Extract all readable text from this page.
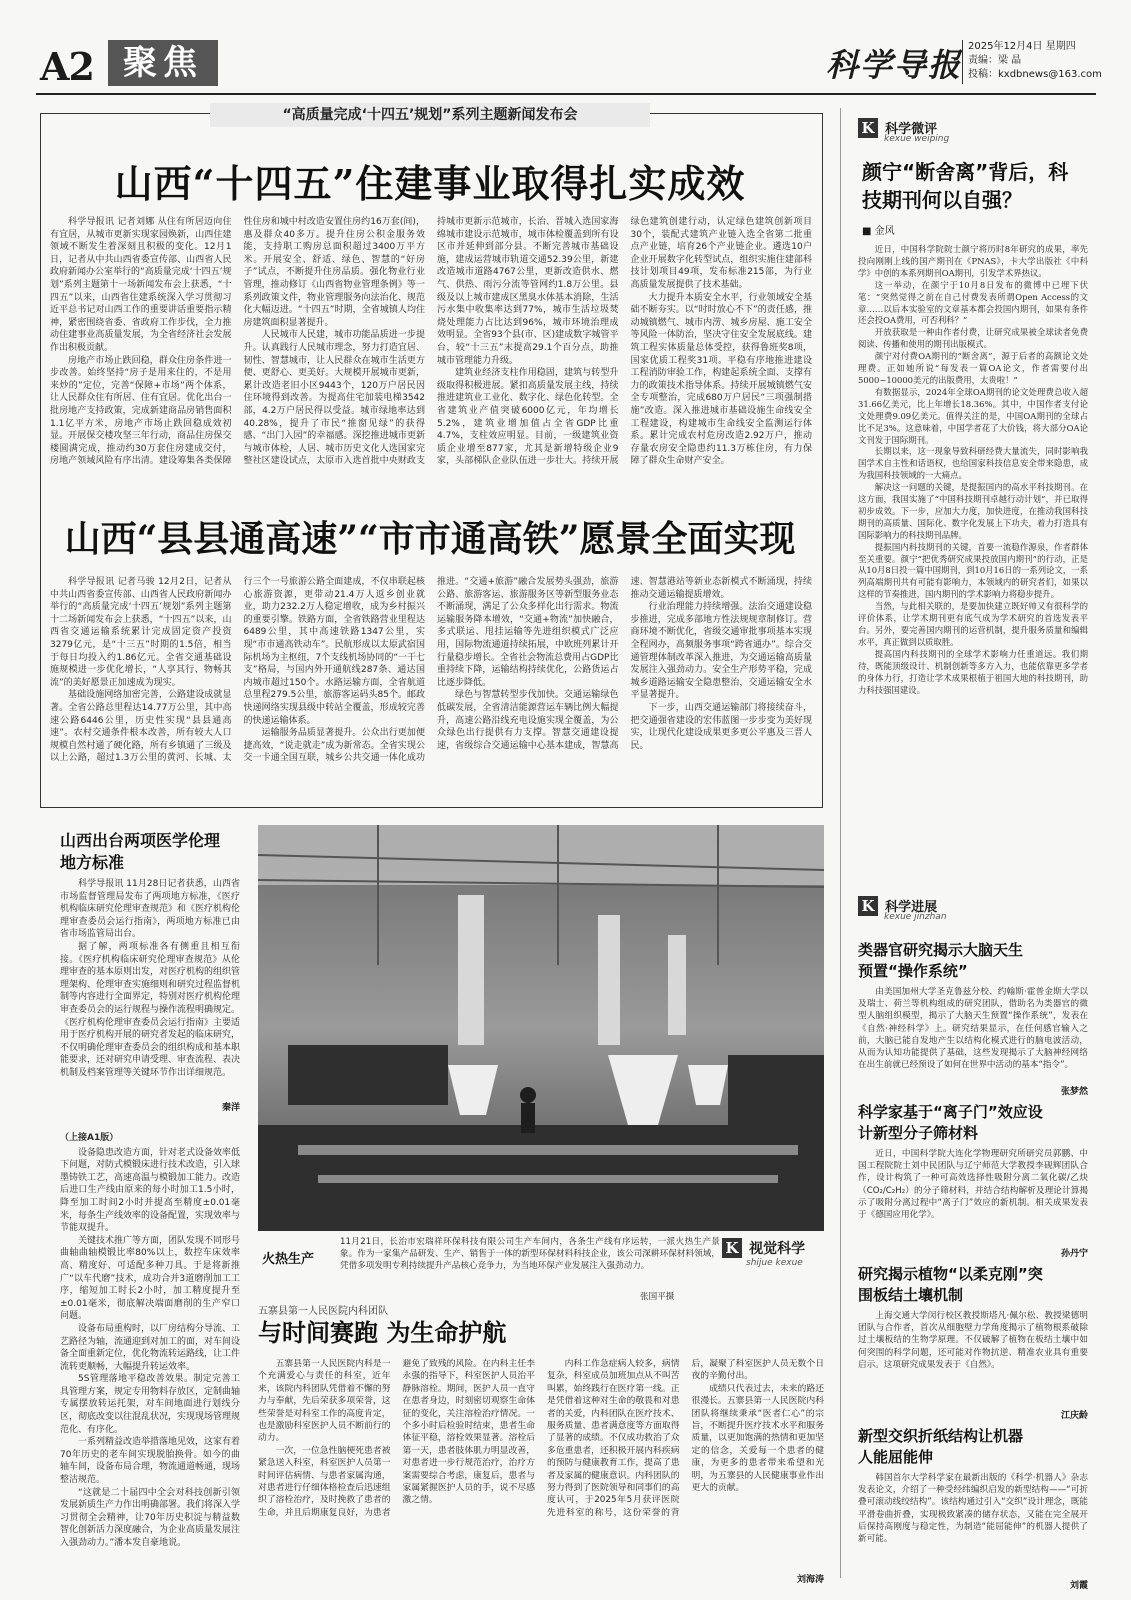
A2 聚焦	科学导报 2025年12月4日 星期四
责编：梁 晶
投稿：kxdbnews@163.com
“高质量完成‘十四五’规划”系列主题新闻发布会
山西“十四五”住建事业取得扎实成效

科学导报讯 记者刘娜 从住有所居迈向住有宜居，从城市更新实现家园焕新，山西住建领域不断发生着深刻且积极的变化。12月1日，记者从中共山西省委宣传部、山西省人民政府新闻办公室举行的“高质量完成‘十四五’规划”系列主题第十一场新闻发布会上获悉，“十四五”以来，山西省住建系统深入学习贯彻习近平总书记对山西工作的重要讲话重要指示精神，紧密围绕省委、省政府工作步伐，全力推动住建事业高质量发展，为全省经济社会发展作出积极贡献。

房地产市场止跌回稳，群众住房条件进一步改善。始终坚持“房子是用来住的，不是用来炒的”定位，完善“保障+市场”两个体系，让人民群众住有所居、住有宜居。优化出台一批房地产支持政策，完成新建商品房销售面积1.1亿平方米，房地产市场止跌回稳成效初显。开展保交楼攻坚三年行动，商品住房保交楼圆满完成，推动约30万套住房建成交付，房地产领域风险有序出清。建设筹集各类保障性住房和城中村改造安置住房约16万套(间)，惠及群众40多万。提升住房公积金服务效能，支持职工购房总面积超过3400万平方米。开展安全、舒适、绿色、智慧的“好房子”试点，不断提升住房品质。强化物业行业管理，推动修订《山西省物业管理条例》等一系列政策文件，物业管理服务向法治化、规范化大幅迈进。“十四五”时期，全省城镇人均住房建筑面积显著提升。

人民城市人民建，城市功能品质进一步提升。认真践行人民城市理念，努力打造宜居、韧性、智慧城市，让人民群众在城市生活更方便、更舒心、更美好。大规模开展城市更新，累计改造老旧小区9443个，120万户居民因住环境得到改善。为提高住宅加装电梯3542部，4.2万户居民得以受益。城市绿地率达到40.28%，提升了市民“推窗见绿”的获得感、“出门入园”的幸福感。深挖推进城市更新与城市体检，人居、城市历史文化人选国家完整社区建设试点，太原市入选首批中央财政支持城市更新示范城市，长治、晋城入选国家海绵城市建设示范城市，城市体检覆盖到所有设区市并延伸到部分县。不断完善城市基础设施，建成运营城市轨道交通52.39公里，新建改造城市道路4767公里，更新改造供水、燃气、供热、雨污分流等管网约1.8万公里。县级及以上城市建成区黑臭水体基本消除，生活污水集中收集率达到77%，城市生活垃圾焚烧处理能力占比达到96%，城市环境治理成效明显。全省93个县(市、区)建成数字城管平台，较“十三五”末提高29.1个百分点，助推城市管理能力升级。

建筑业经济支柱作用稳固，建筑与转型升级取得积极进展。紧扣高质量发展主线，持续推进建筑业工业化、数字化、绿色化转型。全省建筑业产值突破6000亿元，年均增长5.2%，建筑业增加值占全省GDP比重4.7%，支柱效应明显。目前，一级建筑业资质企业增至877家，尤其是新增特级企业9家，头部梯队企业队伍进一步壮大。持续开展绿色建筑创建行动，认定绿色建筑创新项目30个，装配式建筑产业链入选全省第二批重点产业链，培育26个产业链企业。遴选10户企业开展数字化转型试点，组织实施住建部科技计划项目49项，发布标准215部，为行业高质量发展提供了技术基础。

大力提升本质安全水平，行业领域安全基础不断夯实。以“时时放心不下”的责任感，推动城镇燃气、城市内涝、城乡房屋、施工安全等风险一体防治，坚决守住安全发展底线。建筑工程实体质量总体受控，获得鲁班奖8项，国家优质工程奖31项。平稳有序地推进建设工程消防审验工作，构建起系统全面、支撑有力的政策技术指导体系。持续开展城镇燃气安全专项整治，完成680万户居民“三项强制措施”改造。深入推进城市基础设施生命线安全工程建设，构建城市生命线安全监测运行体系。累计完成农村危房改造2.92万户，推动存量农房安全隐患约11.3万栋住房，有力保障了群众生命财产安全。

山西“县县通高速”“市市通高铁”愿景全面实现

科学导报讯 记者马骏 12月2日，记者从中共山西省委宣传部、山西省人民政府新闻办举行的“高质量完成‘十四五’规划”系列主题第十二场新闻发布会上获悉，“十四五”以来，山西省交通运输系统累计完成固定资产投资3279亿元，是“十三五”时期的1.5倍，相当于每日均投入约1.86亿元。全省交通基础设施规模进一步优化增长，“人享其行、物畅其流”的美好愿景正加速成为现实。

基础设施网络加密完善，公路建设成就显著。全省公路总里程达14.77万公里，其中高速公路6446公里，历史性实现“县县通高速”。农村交通条件根本改善，所有较大人口规模自然村通了硬化路，所有乡镇通了三级及以上公路，超过1.3万公里的黄河、长城、太行三个一号旅游公路全面建成，不仅串联起核心旅游资源，更带动21.4万人返乡创业就业，助力232.2万人稳定增收，成为乡村振兴的重要引擎。铁路方面，全省铁路营业里程达6489公里，其中高速铁路1347公里，实现“市市通高铁动车”。民航形成以太原武宿国际机场为主枢纽，7个支线机场协同的“一干七支”格局，与国内外开通航线287条、通达国内城市超过150个。水路运输方面，全省航道总里程279.5公里，旅游客运码头85个。邮政快递网络实现县级中转站全覆盖，形成较完善的快递运输体系。

运输服务品质显著提升。公众出行更加便捷高效，“说走就走”成为新常态。全省实现公交一卡通全国互联，城乡公共交通一体化成功推进。“交通+旅游”融合发展势头强劲，旅游公路、旅游客运、旅游服务区等新型服务业态不断涌现，满足了公众多样化出行需求。物流运输服务降本增效，“交通+物流”加快融合，多式联运、甩挂运输等先进组织模式广泛应用，国际物流通道持续拓展，中欧班列累计开行量稳步增长。全省社会物流总费用占GDP比重持续下降，运输结构持续优化，公路货运占比逐步降低。

绿色与智慧转型步伐加快。交通运输绿色低碳发展，全省清洁能源营运车辆比例大幅提升，高速公路沿线充电设施实现全覆盖，为公众绿色出行提供有力支撑。智慧交通建设提速，省级综合交通运输中心基本建成，智慧高速、智慧港站等新业态新模式不断涌现，持续推动交通运输提质增效。

行业治理能力持续增强。法治交通建设稳步推进，完成多部地方性法规规章制修订。营商环境不断优化，省级交通审批事项基本实现全程网办，高频服务事项“跨省通办”。综合交通管理体制改革深入推进，为交通运输高质量发展注入强劲动力。安全生产形势平稳，完成城乡道路运输安全隐患整治，交通运输安全水平显著提升。

下一步，山西交通运输部门将接续奋斗，把交通强省建设的宏伟蓝图一步步变为美好现实，让现代化建设成果更多更公平惠及三晋人民。

山西出台两项医学伦理地方标准

科学导报讯 11月28日记者获悉，山西省市场监督管理局发布了两项地方标准，《医疗机构临床研究伦理审查规范》和《医疗机构伦理审查委员会运行指南》，两项地方标准已由省市场监管局出台。

据了解，两项标准各有侧重且相互衔接。《医疗机构临床研究伦理审查规范》从伦理审查的基本原则出发，对医疗机构的组织管理架构、伦理审查实施细则和研究过程监督机制等内容进行全面界定，特别对医疗机构伦理审查委员会的运行规程与操作流程明确规定。《医疗机构伦理审查委员会运行指南》主要适用于医疗机构开展的研究者发起的临床研究，不仅明确伦理审查委员会的组织构成和基本职能要求，还对研究申请受理、审查流程、表决机制及档案管理等关键环节作出详细规范。

秦洋
（上接A1版）

设备隐患改造方面，针对老式设备效率低下问题，对防式模锻床进行技术改造，引入球墨铸铁工艺，高速高温与模锻加工能力。改造后进口生产线由原来的每小时加工1.5小时，降至加工时间2小时并提高至精度±0.01毫米，每条生产线效率的设备配置，实现效率与节能双提升。

关键技术推广等方面，团队发现不同形号曲轴曲轴模锻比率80%以上，数控车床效率高、精度好、可适配多种刀具。于是将新推广“以车代磨”技术，成功合并3道磨削加工工序，缩短加工时长2小时，加工精度提升至±0.01毫米，彻底解决端面磨削的生产窄口问题。

设备布局重构时，以厂房结构分导流、工艺路径为轴，流通迎到对加工的面，对车间设备全面重新定位，优化物流转运路线，让工件流转更顺畅，大幅提升转运效率。

5S管理落地平稳改善效果。制定完善工具管理方案，规定专用物料存放区，定制曲轴专属摆放转运托架，对车间地面进行划线分区，彻底改变以往混乱状况，实现现场管理规范化、有序化。

一系列精益改造举措落地见效，这家有着70年历史的老车间实现脱胎换骨。如今的曲轴车间，设备布局合理，物流通道畅通，现场整洁规范。

“这就是二十届四中全会对科技创新引领发展新质生产力作出明确部署。我们将深入学习贯彻全会精神，让70年历史积淀与精益数智化创新活力深度融合，为企业高质量发展注入强劲动力。”潘本发自豪地说。

火热生产
11月21日，长治市宏瑞祥环保科技有限公司生产车间内，各条生产线有序运转，一派火热生产景象。作为一家集产品研发、生产、销售于一体的新型环保材料科技企业，该公司深耕环保材料领域，凭借多项发明专利持续提升产品核心竞争力，为当地环保产业发展注入强劲动力。
张国平摄
K 视觉科学
shijue kexue
五寨县第一人民医院内科团队
与时间赛跑 为生命护航

五寨县第一人民医院内科是一个充满爱心与责任的科室，近年来，该院内科团队凭借着不懈的努力与奉献，先后荣获多项荣誉，这些荣誉是对科室工作的高度肯定，也是激励科室医护人员不断前行的动力。

一次，一位急性脑梗死患者被紧急送入科室，科室医护人员第一时间评估病情、与患者家属沟通，对患者进行仔细体格检查后迅速组织了溶栓治疗，及时挽救了患者的生命，并且后期康复良好，为患者避免了致残的风险。在内科主任李永强的指导下，科室医护人员治平静脉溶栓。期间，医护人员一直守在患者身边，时刻密切观察生命体征的变化，关注溶栓治疗情况。一个多小时后检验时结束，患者生命体征平稳，溶栓效果显著。溶栓后第一天，患者肢体肌力明显改善，对患者进一步行规范治疗，治疗方案需要综合考虑，康复后，患者与家属紧握医护人员的手，说不尽感激之情。

内科工作急症病人较多，病情复杂，科室成员加班加点从不叫苦叫累，始终践行在医疗第一线。正是凭借着这种对生命的敬畏和对患者的关爱，内科团队在医疗技术、服务质量、患者满意度等方面取得了显著的成绩。不仅成功救治了众多危重患者，还积极开展内科疾病的预防与健康教育工作，提高了患者及家属的健康意识。内科团队的努力得到了医院领导和同事们的高度认可，于2025年5月获评医院先进科室的称号，这份荣誉的背后，凝聚了科室医护人员无数个日夜的辛勤付出。

成绩只代表过去，未来的路还很漫长。五寨县第一人民医院内科团队将继续秉承“医者仁心”的宗旨，不断提升医疗技术水平和服务质量，以更加饱满的热情和更加坚定的信念，关爱每一个患者的健康，为更多的患者带来希望和光明，为五寨县的人民健康事业作出更大的贡献。

刘海涛
K $^{科学微评}$
kexue weiping
颜宁“断舍离”背后，科技期刊何以自强？
■ 金风

近日，中国科学院院士颜宁将历时8年研究的成果，率先投向刚刚上线的国产期刊在《PNAS》，卡大学出版社《中科学》中创的本系列期刊OA期刊，引发学术界热议。

这一举动，在颜宁于10月8日发布的微博中已埋下伏笔：“突然觉得之前在自己付费发表所谓Open Access的文章……以后本实验室的文章基本都会投国内期刊，如果有条件还会投OA费用，可否利科？”

开放获取是一种由作者付费，让研究成果被全球读者免费阅读、传播和使用的期刊出版模式。

颜宁对付费OA期刊的“断舍离”，源于后者的高额论文处理费。正如她所说“每发表一篇OA论文，作者需要付出5000~10000美元的出版费用，太贵啦！”

有数据显示，2024年全球OA期刊的论文处理费总收入超31.66亿美元，比上年增长18.36%。其中，中国作者支付论文处理费9.09亿美元。值得关注的是，中国OA期刊的全球占比不足3%。这意味着，中国学者花了大价钱，将大部分OA论文刊发于国际期刊。

长期以来，这一现象导致科研经费大量流失，同时影响我国学术自主性和话语权，也给国家科技信息安全带来隐患，成为我国科技领域的一大痛点。

解决这一问题的关键，是提振国内的高水平科技期刊。在这方面，我国实施了“中国科技期刊卓越行动计划”，并已取得初步成效。下一步，应加大力度，加快进度，在推动我国科技期刊的高质量、国际化、数字化发展上下功夫，着力打造具有国际影响力的科技期刊品牌。

提振国内科技期刊的关键，首要一流稳作源泉，作者群体至关重要。颜宁“把优秀研究成果投放国内期刊”的行动，正是从10月8日投一篇中国期刊，到10月16日的一系列论文，一系列高端期刊共有可能有影响力，本领域内的研究者们，如果以这样的节奏推进，国内期刊的学术影响力将稳步提升。

当然，与此相关联的，是要加快建立既好帅又有很科学的评价体系，让学术期刊更有底气成为学术研究的首选发表平台。另外，要完善国内期刊的运营机制，提升服务质量和编辑水平，真正做到以质取胜。

提高国内科技期刊的全球学术影响力任重道远。我们期待，既能顶级设计、机制创新等多方入力，也能依靠更多学者的身体力行，打造让学术成果根植于祖国大地的科技期刊，助力科技强国建设。

K $^{科学进展}$
kexue jinzhan
类器官研究揭示大脑天生预置“操作系统”

由美国加州大学圣克鲁兹分校、约翰斯·霍普金斯大学以及瑞士、荷兰等机构组成的研究团队，借助名为类器官的微型人脑组织模型，揭示了大脑天生预置“操作系统”，发表在《自然·神经科学》上。研究结果显示，在任何感官输入之前，大脑已能自发地产生以结构化模式进行的脑电波活动，从而为认知功能提供了基础，这些发现揭示了大脑神经网络在出生前就已经预设了如何在世界中活动的基本“指令”。

张梦然
科学家基于“离子门”效应设计新型分子筛材料

近日，中国科学院大连化学物理研究所研究员郭鹏、中国工程院院士刘中民团队与辽宁师范大学教授李砚辉团队合作，设计构筑了一种可高效选择性吸附分离二氧化碳/乙炔（CO₂/C₂H₂）的分子筛材料，并结合结构解析及理论计算揭示了吸附分离过程中“离子门”效应的新机制。相关成果发表于《德国应用化学》。

孙丹宁
研究揭示植物“以柔克刚”突围板结土壤机制

上海交通大学闵行校区教授斯塔凡·佩尔松、教授梁德明团队与合作者，首次从细胞壁力学角度揭示了植物根系破除过土壤板结的生物学原理。不仅破解了植物在板结土壤中如何突围的科学问题，还可能对作物抗逆、精准农业具有重要启示。这项研究成果发表于《自然》。

江庆龄
新型交织折纸结构让机器人能屈能伸

韩国首尔大学科学家在最新出版的《科学·机器人》杂志发表论文，介绍了一种受经纬编织启发的新型结构——“可折叠可滚动线绞结构”。该结构通过引入“交织”设计理念，既能平滑卷曲折叠，实现极致紧凑的储存状态，又能在完全展开后保持高刚度与稳定性，为制造“能屈能伸”的机器人提供了新可能。

刘霞
